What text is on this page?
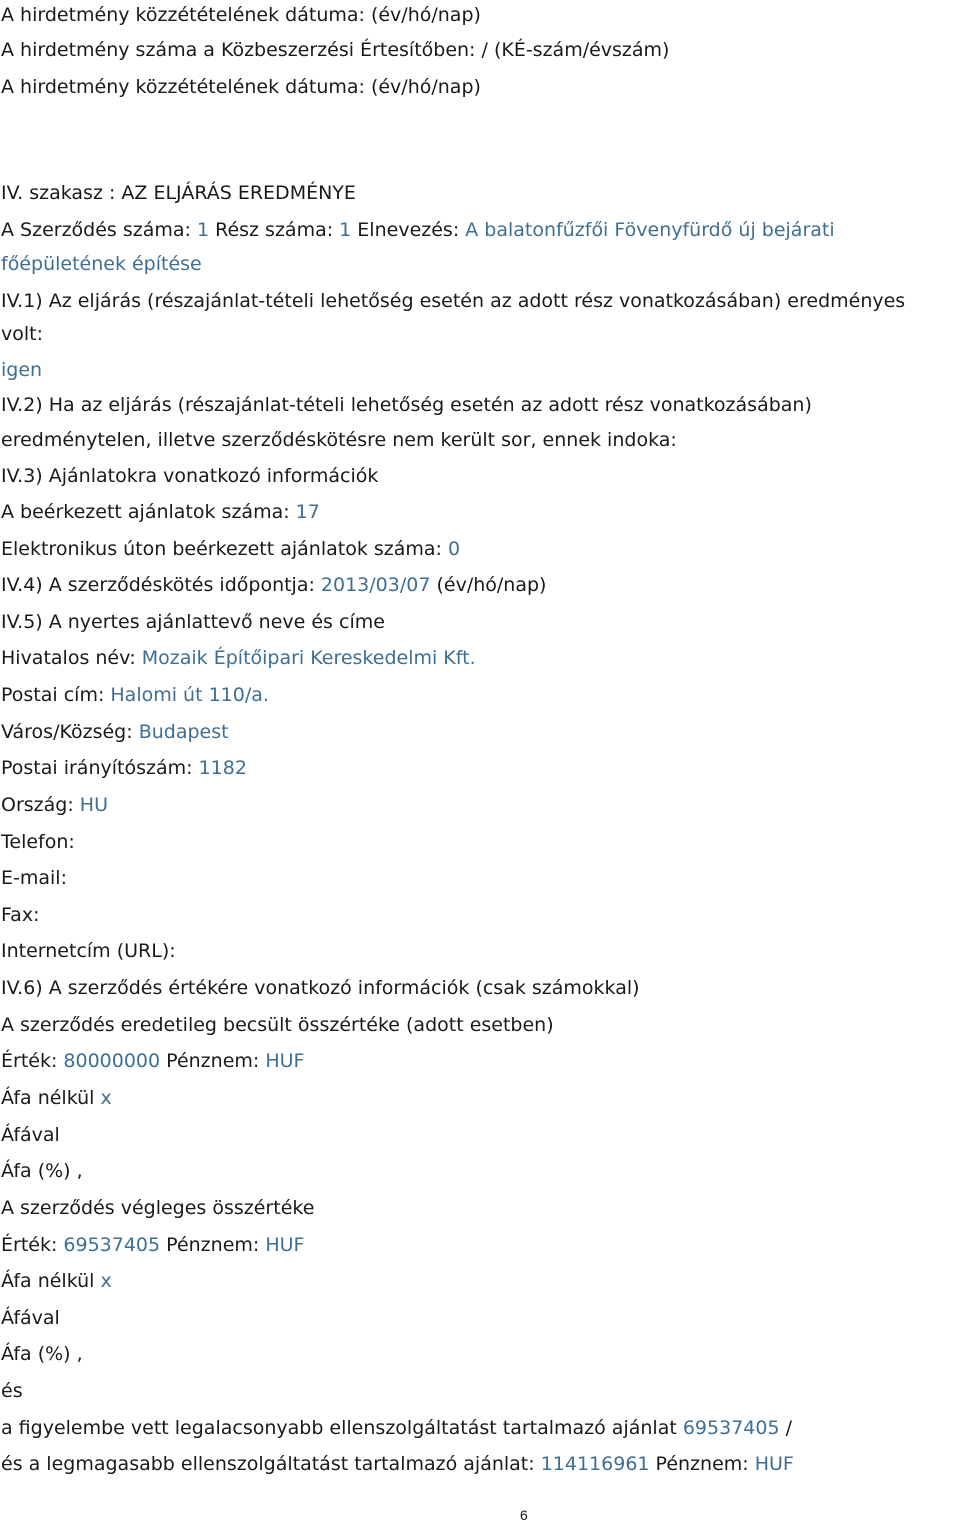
A hirdetmény közzétételének dátuma: (év/hó/nap)
A hirdetmény száma a Közbeszerzési Értesítőben: / (KÉ-szám/évszám)
A hirdetmény közzétételének dátuma: (év/hó/nap)
IV. szakasz : AZ ELJÁRÁS EREDMÉNYE
A Szerződés száma: 1 Rész száma: 1 Elnevezés: A balatonfűzfői Fövenyfürdő új bejárati
főépületének építése
IV.1) Az eljárás (részajánlat-tételi lehetőség esetén az adott rész vonatkozásában) eredményes
volt:
igen
IV.2) Ha az eljárás (részajánlat-tételi lehetőség esetén az adott rész vonatkozásában)
eredménytelen, illetve szerződéskötésre nem került sor, ennek indoka:
IV.3) Ajánlatokra vonatkozó információk
A beérkezett ajánlatok száma: 17
Elektronikus úton beérkezett ajánlatok száma: 0
IV.4) A szerződéskötés időpontja: 2013/03/07 (év/hó/nap)
IV.5) A nyertes ajánlattevő neve és címe
Hivatalos név: Mozaik Építőipari Kereskedelmi Kft.
Postai cím: Halomi út 110/a.
Város/Község: Budapest
Postai irányítószám: 1182
Ország: HU
Telefon:
E-mail:
Fax:
Internetcím (URL):
IV.6) A szerződés értékére vonatkozó információk (csak számokkal)
A szerződés eredetileg becsült összértéke (adott esetben)
Érték: 80000000 Pénznem: HUF
Áfa nélkül x
Áfával
Áfa (%) ,
A szerződés végleges összértéke
Érték: 69537405 Pénznem: HUF
Áfa nélkül x
Áfával
Áfa (%) ,
és
a figyelembe vett legalacsonyabb ellenszolgáltatást tartalmazó ajánlat 69537405 /
és a legmagasabb ellenszolgáltatást tartalmazó ajánlat: 114116961 Pénznem: HUF
6
